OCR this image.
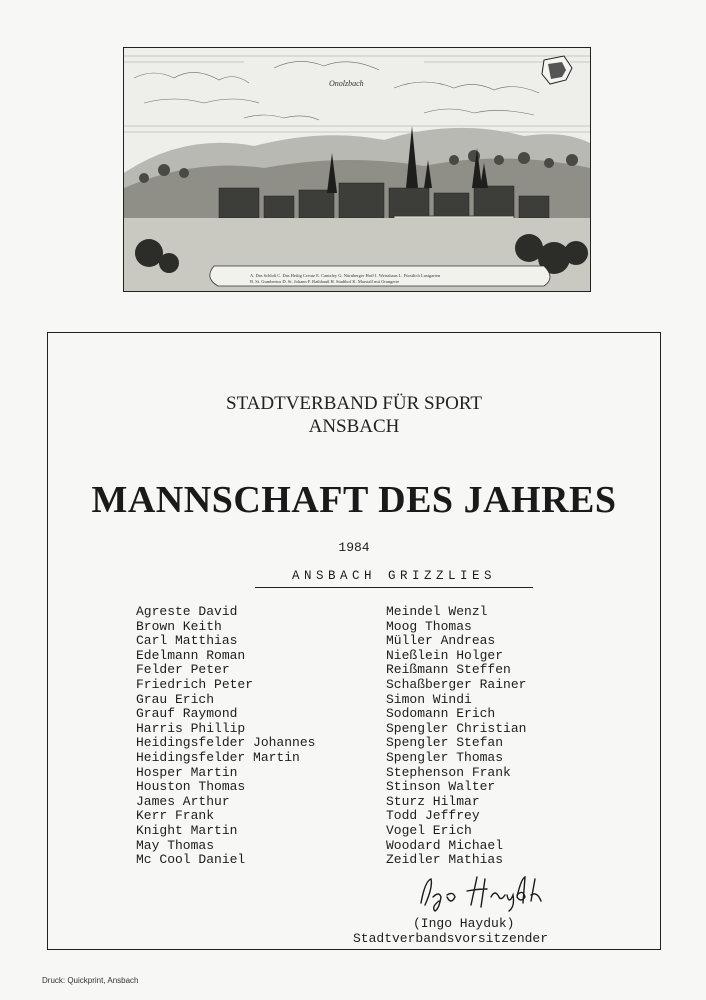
Onolzbach
A. Das Schloß C. Das Heilig Creutz E. Cantzley G. Nürnberger Hoff I. Weisshaus L. Fürstlich Lustgarten
B. St. Gumbertus D. St. Johann F. Rathhauß H. Stadthof K. Marstall mit Orangerie
STADTVERBAND FÜR SPORT
ANSBACH
MANNSCHAFT DES JAHRES
1984
ANSBACH GRIZZLIES
Agreste David
Brown Keith
Carl Matthias
Edelmann Roman
Felder Peter
Friedrich Peter
Grau Erich
Grauf Raymond
Harris Phillip
Heidingsfelder Johannes
Heidingsfelder Martin
Hosper Martin
Houston Thomas
James Arthur
Kerr Frank
Knight Martin
May Thomas
Mc Cool Daniel
Meindel Wenzl
Moog Thomas
Müller Andreas
Nießlein Holger
Reißmann Steffen
Schaßberger Rainer
Simon Windi
Sodomann Erich
Spengler Christian
Spengler Stefan
Spengler Thomas
Stephenson Frank
Stinson Walter
Sturz Hilmar
Todd Jeffrey
Vogel Erich
Woodard Michael
Zeidler Mathias
(Ingo Hayduk)
Stadtverbandsvorsitzender
Druck: Quickprint, Ansbach
